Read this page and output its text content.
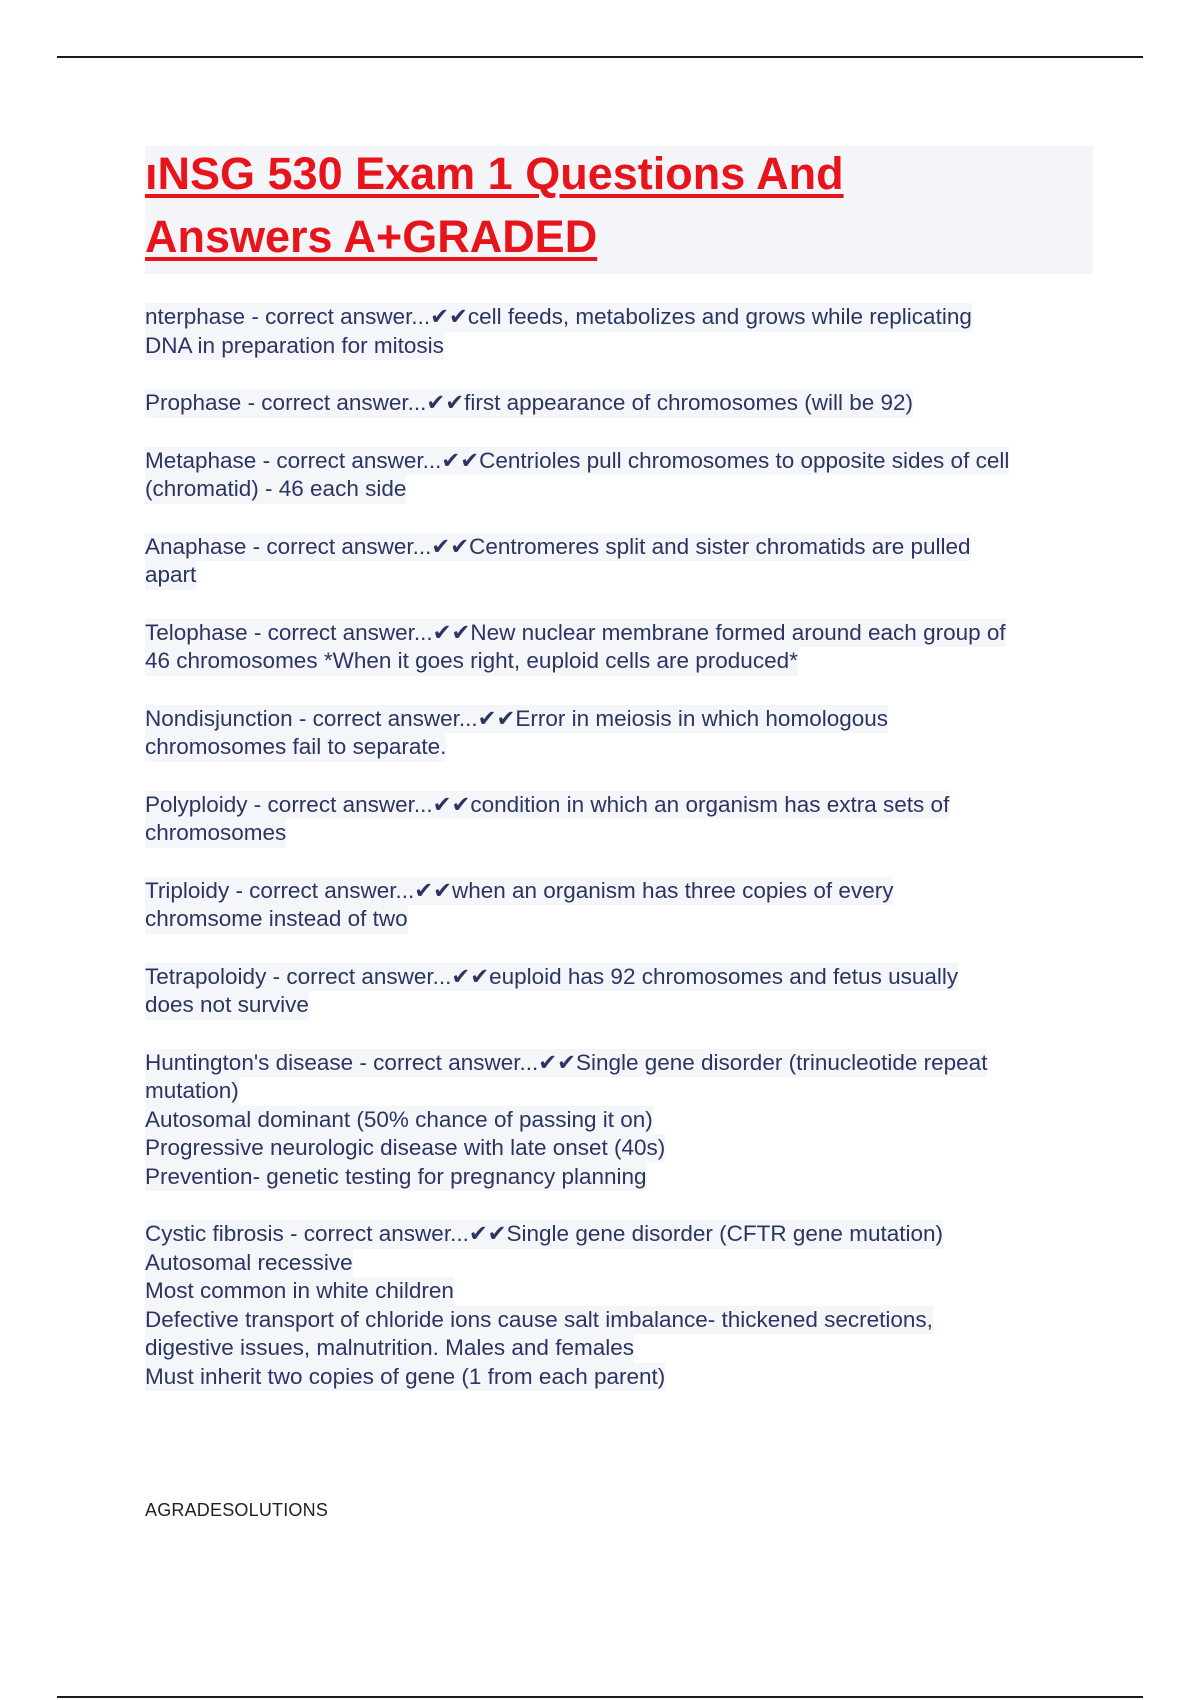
ıNSG 530 Exam 1 Questions And
Answers A+GRADED
nterphase - correct answer...✔✔cell feeds, metabolizes and grows while replicating
DNA in preparation for mitosis
Prophase - correct answer...✔✔first appearance of chromosomes (will be 92)
Metaphase - correct answer...✔✔Centrioles pull chromosomes to opposite sides of cell
(chromatid) - 46 each side
Anaphase - correct answer...✔✔Centromeres split and sister chromatids are pulled
apart
Telophase - correct answer...✔✔New nuclear membrane formed around each group of
46 chromosomes *When it goes right, euploid cells are produced*
Nondisjunction - correct answer...✔✔Error in meiosis in which homologous
chromosomes fail to separate.
Polyploidy - correct answer...✔✔condition in which an organism has extra sets of
chromosomes
Triploidy - correct answer...✔✔when an organism has three copies of every
chromsome instead of two
Tetrapoloidy - correct answer...✔✔euploid has 92 chromosomes and fetus usually
does not survive
Huntington's disease - correct answer...✔✔Single gene disorder (trinucleotide repeat
mutation)
Autosomal dominant (50% chance of passing it on)
Progressive neurologic disease with late onset (40s)
Prevention- genetic testing for pregnancy planning
Cystic fibrosis - correct answer...✔✔Single gene disorder (CFTR gene mutation)
Autosomal recessive
Most common in white children
Defective transport of chloride ions cause salt imbalance- thickened secretions,
digestive issues, malnutrition. Males and females
Must inherit two copies of gene (1 from each parent)
AGRADESOLUTIONS
